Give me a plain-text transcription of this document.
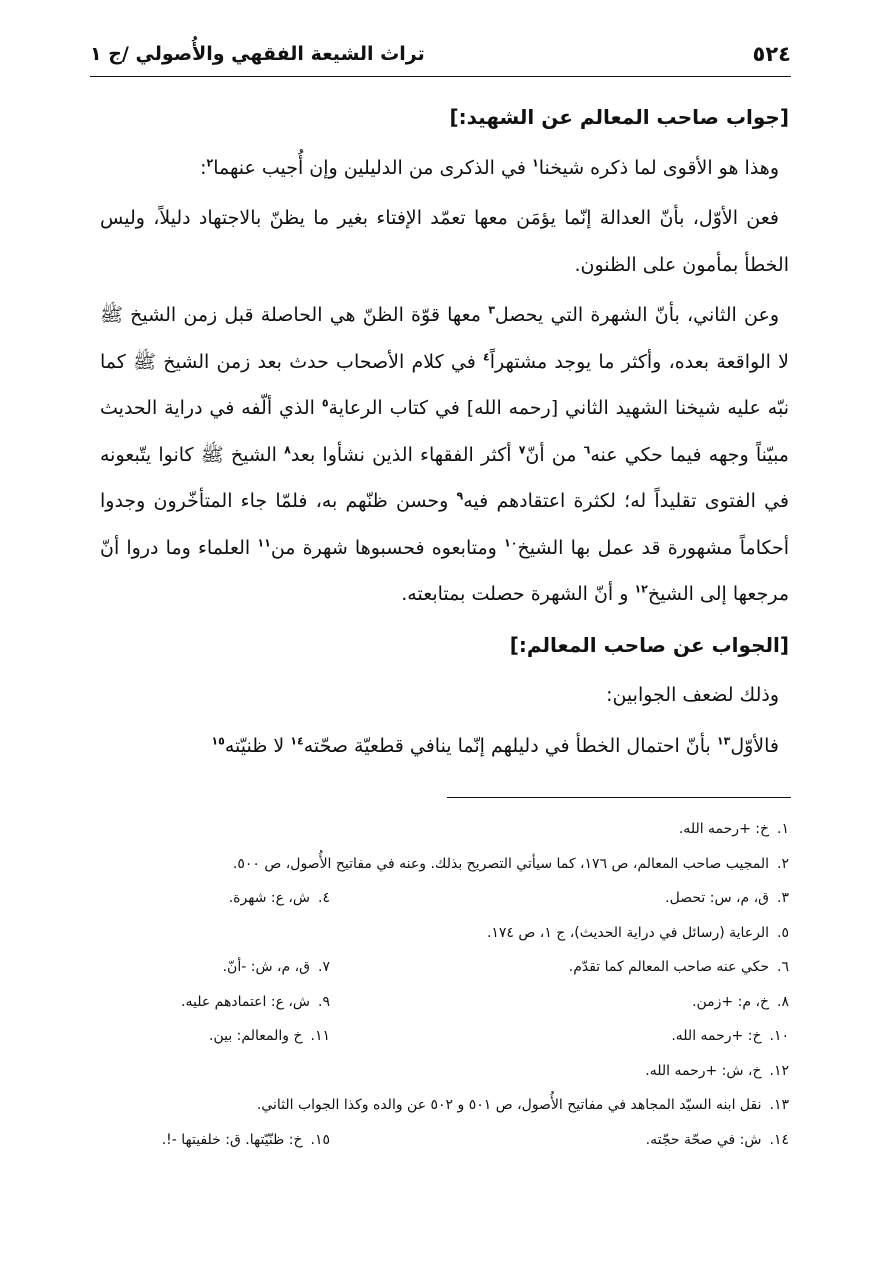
٥٢٤
تراث الشيعة الفقهي والأُصولي /ج ١

[جواب صاحب المعالم عن الشهيد:]

وهذا هو الأقوى لما ذكره شيخنا$^١$ في الذكرى من الدليلين وإن أُجيب عنهما$^٢$:

فعن الأوّل، بأنّ العدالة إنّما يؤمَن معها تعمّد الإفتاء بغير ما يظنّ بالاجتهاد دليلاً، وليس الخطأ بمأمون على الظنون.

وعن الثاني، بأنّ الشهرة التي يحصل$^٣$ معها قوّة الظنّ هي الحاصلة قبل زمن الشيخ ﷺ لا الواقعة بعده، وأكثر ما يوجد مشتهراً$^٤$ في كلام الأصحاب حدث بعد زمن الشيخ ﷺ كما نبّه عليه شيخنا الشهيد الثاني [رحمه الله] في كتاب الرعاية$^٥$ الذي ألّفه في دراية الحديث مبيّناً وجهه فيما حكي عنه$^٦$ من أنّ$^٧$ أكثر الفقهاء الذين نشأوا بعد$^٨$ الشيخ ﷺ كانوا يتّبعونه في الفتوى تقليداً له؛ لكثرة اعتقادهم فيه$^٩$ وحسن ظنّهم به، فلمّا جاء المتأخّرون وجدوا أحكاماً مشهورة قد عمل بها الشيخ$^{١٠}$ ومتابعوه فحسبوها شهرة من$^{١١}$ العلماء وما دروا أنّ مرجعها إلى الشيخ$^{١٢}$ و أنّ الشهرة حصلت بمتابعته.

[الجواب عن صاحب المعالم:]

وذلك لضعف الجوابين:

فالأوّل$^{١٣}$ بأنّ احتمال الخطأ في دليلهم إنّما ينافي قطعيّة صحّته$^{١٤}$ لا ظنيّته$^{١٥}$

١.خ: +رحمه الله.
٢.المجيب صاحب المعالم، ص ١٧٦، كما سيأتي التصريح بذلك. وعنه في مفاتيح الأُصول، ص ٥٠٠.
٣.ق، م، س: تحصل.
٤.ش، ع: شهرة.
٥.الرعاية (رسائل في دراية الحديث)، ج ١، ص ١٧٤.
٦.حكي عنه صاحب المعالم كما تقدّم.
٧.ق، م، ش: -أنّ.
٨.خ، م: +زمن.
٩.ش، ع: اعتمادهم عليه.
١٠.خ: +رحمه الله.
١١.خ والمعالم: بين.
١٢.خ، ش: +رحمه الله.
١٣.نقل ابنه السيّد المجاهد في مفاتيح الأُصول، ص ٥٠١ و ٥٠٢ عن والده وكذا الجواب الثاني.
١٤.ش: في صحّة حجّته.
١٥.خ: ظنّيّتها. ق: خلفيتها -!.
